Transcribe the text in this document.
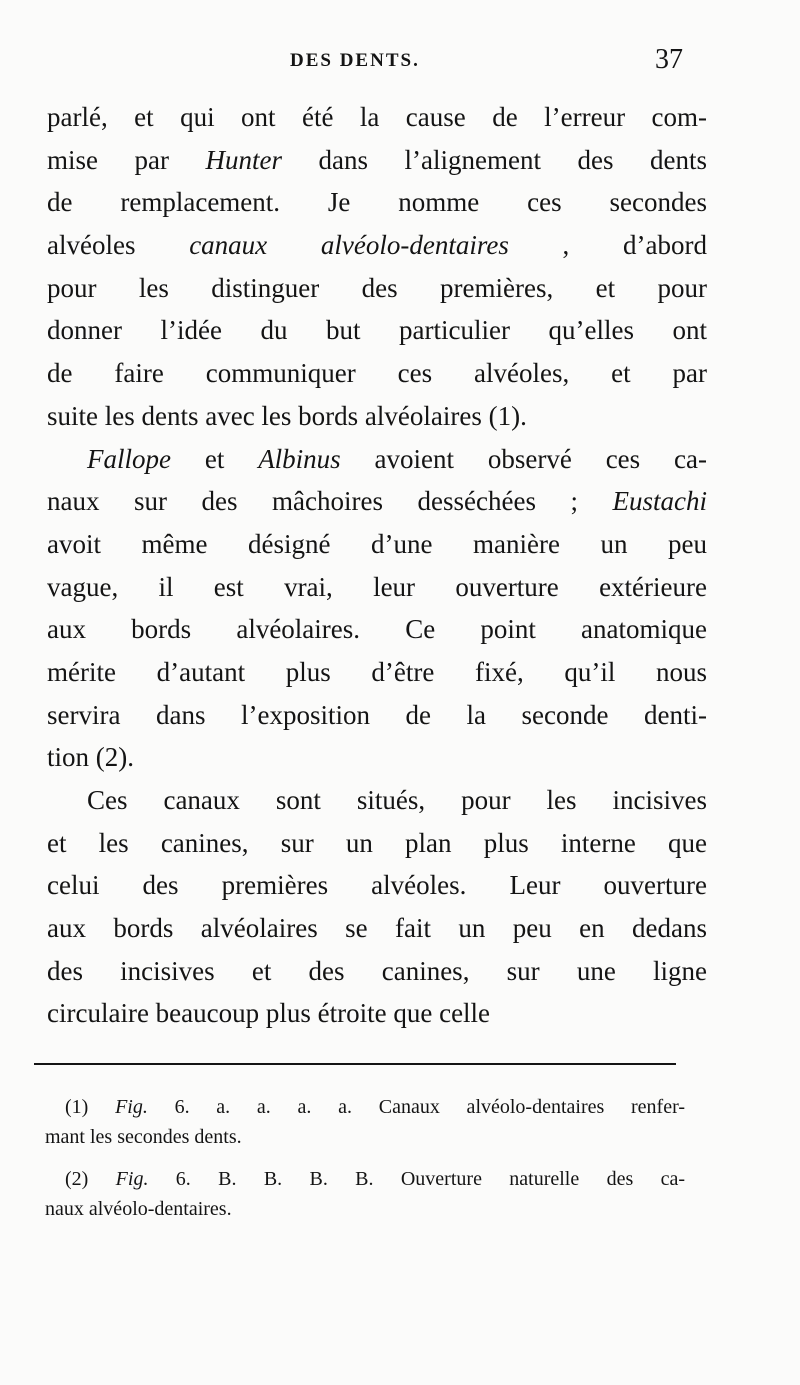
DES DENTS.	37
parlé, et qui ont été la cause de l’erreur com-
mise par Hunter dans l’alignement des dents
de remplacement. Je nomme ces secondes
alvéoles canaux alvéolo-dentaires , d’abord
pour les distinguer des premières, et pour
donner l’idée du but particulier qu’elles ont
de faire communiquer ces alvéoles, et par
suite les dents avec les bords alvéolaires (1).
Fallope et Albinus avoient observé ces ca-
naux sur des mâchoires desséchées ; Eustachi
avoit même désigné d’une manière un peu
vague, il est vrai, leur ouverture extérieure
aux bords alvéolaires. Ce point anatomique
mérite d’autant plus d’être fixé, qu’il nous
servira dans l’exposition de la seconde denti-
tion (2).
Ces canaux sont situés, pour les incisives
et les canines, sur un plan plus interne que
celui des premières alvéoles. Leur ouverture
aux bords alvéolaires se fait un peu en dedans
des incisives et des canines, sur une ligne
circulaire beaucoup plus étroite que celle
(1) Fig. 6. a. a. a. a. Canaux alvéolo-dentaires renfer-
mant les secondes dents.
(2) Fig. 6. B. B. B. B. Ouverture naturelle des ca-
naux alvéolo-dentaires.
